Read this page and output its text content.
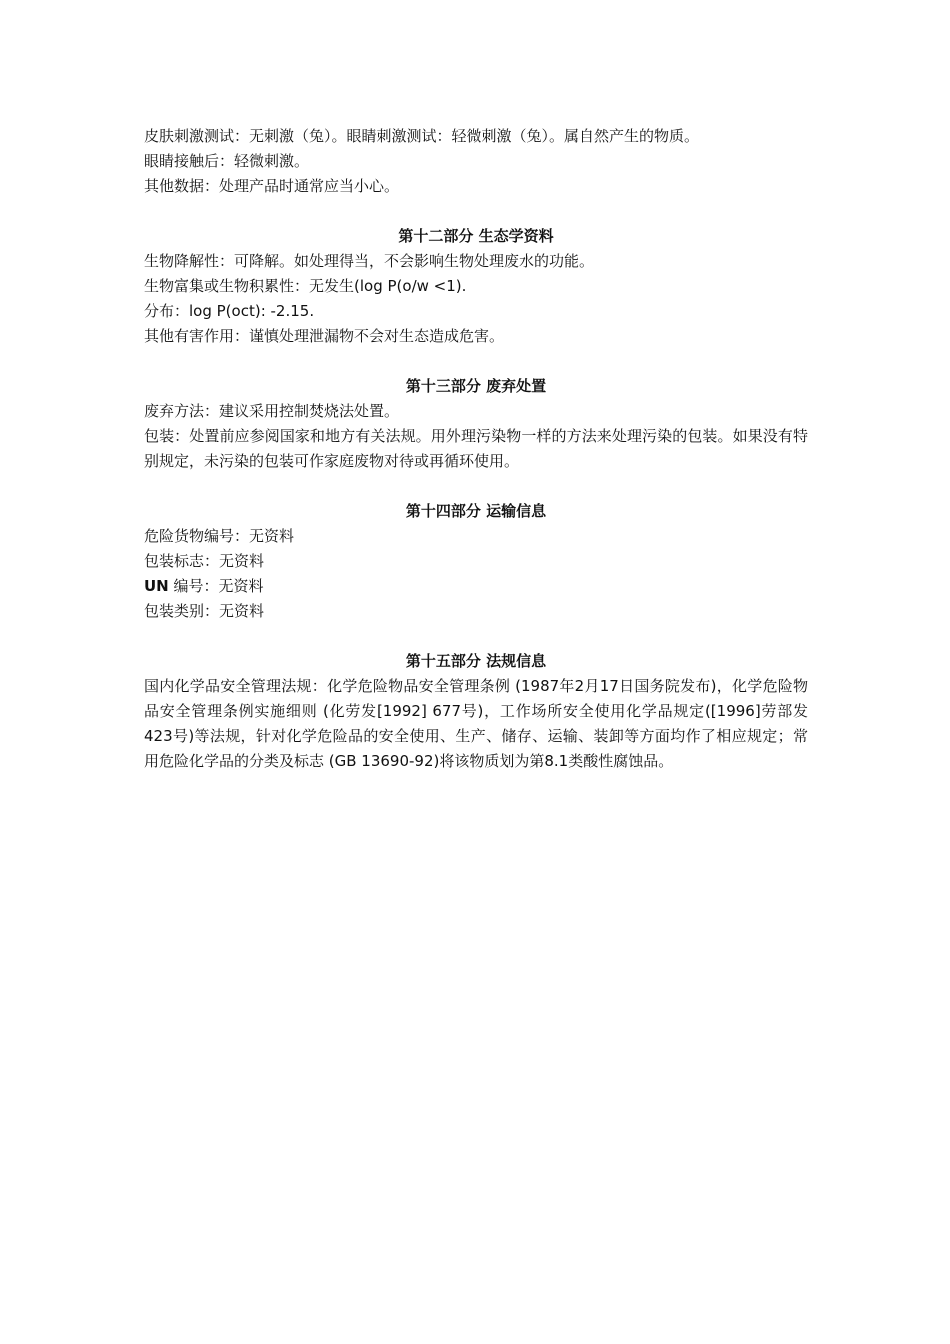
皮肤刺激测试：无刺激（兔）。眼睛刺激测试：轻微刺激（兔）。属自然产生的物质。
眼睛接触后：轻微刺激。
其他数据：处理产品时通常应当小心。
第十二部分 生态学资料
生物降解性：可降解。如处理得当，不会影响生物处理废水的功能。
生物富集或生物积累性：无发生(log P(o/w <1).
分布：log P(oct): -2.15.
其他有害作用：谨慎处理泄漏物不会对生态造成危害。
第十三部分 废弃处置
废弃方法：建议采用控制焚烧法处置。
包装：处置前应参阅国家和地方有关法规。用外理污染物一样的方法来处理污染的包装。如果没有特别规定，未污染的包装可作家庭废物对待或再循环使用。
第十四部分 运输信息
危险货物编号：无资料
包装标志：无资料
UN 编号：无资料
包装类别：无资料
第十五部分 法规信息
国内化学品安全管理法规：化学危险物品安全管理条例 (1987年2月17日国务院发布)，化学危险物品安全管理条例实施细则 (化劳发[1992] 677号)，工作场所安全使用化学品规定([1996]劳部发423号)等法规，针对化学危险品的安全使用、生产、储存、运输、装卸等方面均作了相应规定；常用危险化学品的分类及标志 (GB 13690-92)将该物质划为第8.1类酸性腐蚀品。
